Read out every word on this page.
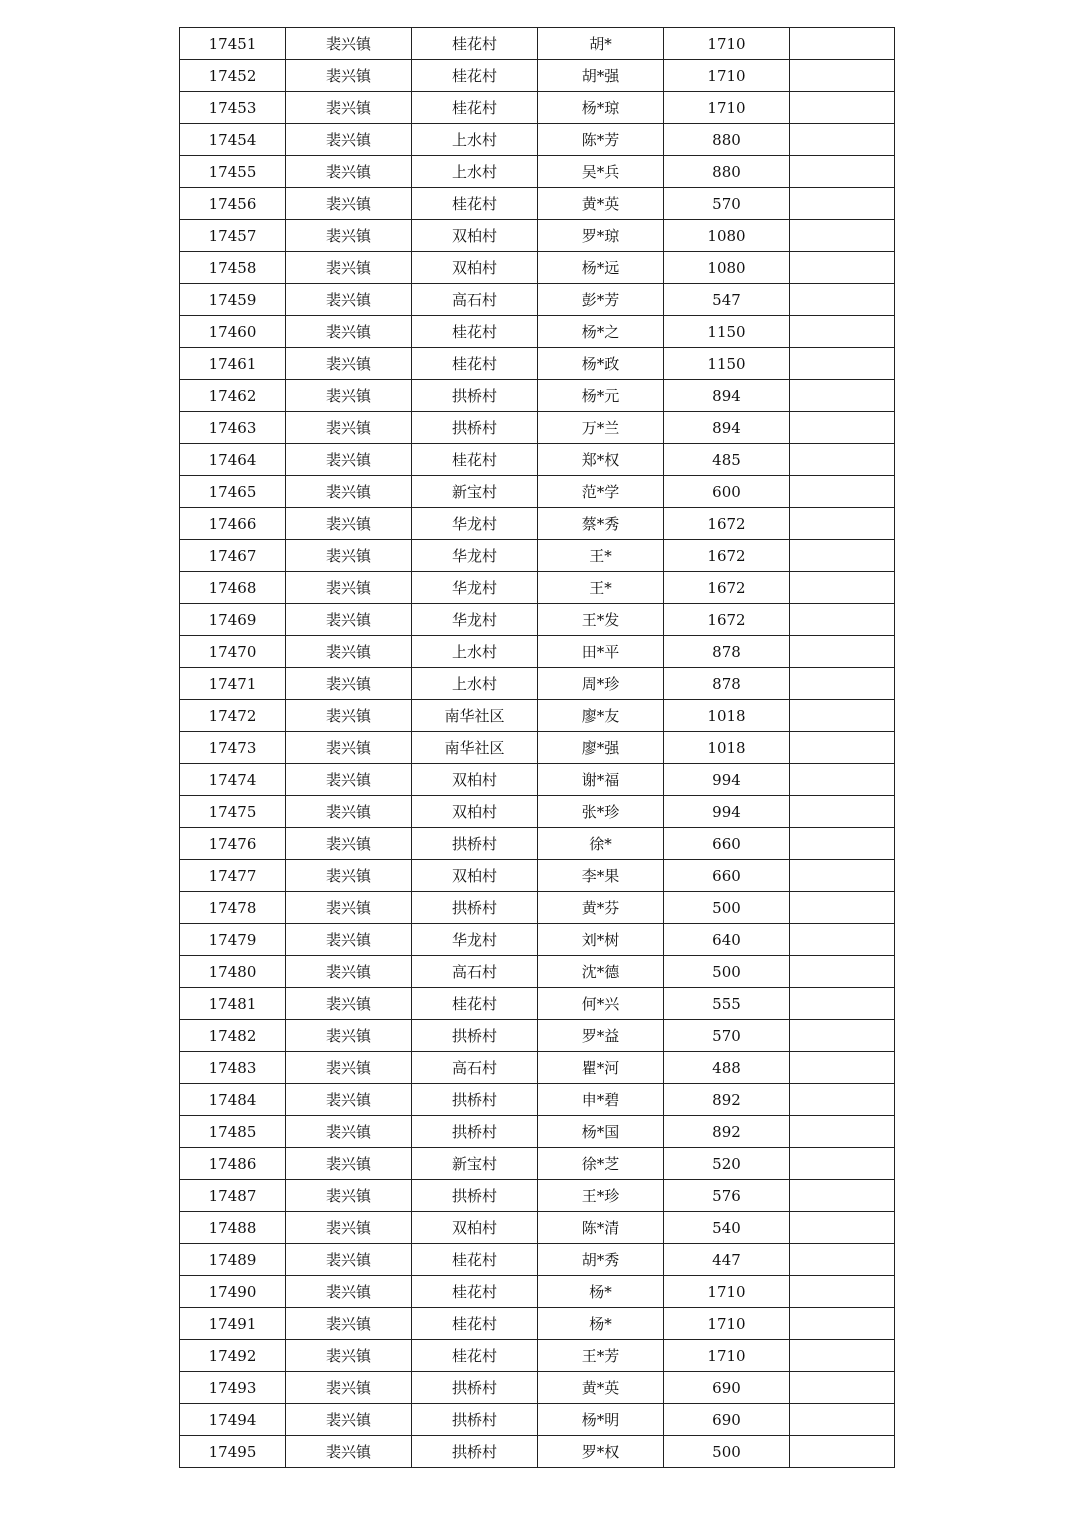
17451	裴兴镇	桂花村	胡*	1710	
17452	裴兴镇	桂花村	胡*强	1710	
17453	裴兴镇	桂花村	杨*琼	1710	
17454	裴兴镇	上水村	陈*芳	880	
17455	裴兴镇	上水村	吴*兵	880	
17456	裴兴镇	桂花村	黄*英	570	
17457	裴兴镇	双柏村	罗*琼	1080	
17458	裴兴镇	双柏村	杨*远	1080	
17459	裴兴镇	高石村	彭*芳	547	
17460	裴兴镇	桂花村	杨*之	1150	
17461	裴兴镇	桂花村	杨*政	1150	
17462	裴兴镇	拱桥村	杨*元	894	
17463	裴兴镇	拱桥村	万*兰	894	
17464	裴兴镇	桂花村	郑*权	485	
17465	裴兴镇	新宝村	范*学	600	
17466	裴兴镇	华龙村	蔡*秀	1672	
17467	裴兴镇	华龙村	王*	1672	
17468	裴兴镇	华龙村	王*	1672	
17469	裴兴镇	华龙村	王*发	1672	
17470	裴兴镇	上水村	田*平	878	
17471	裴兴镇	上水村	周*珍	878	
17472	裴兴镇	南华社区	廖*友	1018	
17473	裴兴镇	南华社区	廖*强	1018	
17474	裴兴镇	双柏村	谢*福	994	
17475	裴兴镇	双柏村	张*珍	994	
17476	裴兴镇	拱桥村	徐*	660	
17477	裴兴镇	双柏村	李*果	660	
17478	裴兴镇	拱桥村	黄*芬	500	
17479	裴兴镇	华龙村	刘*树	640	
17480	裴兴镇	高石村	沈*德	500	
17481	裴兴镇	桂花村	何*兴	555	
17482	裴兴镇	拱桥村	罗*益	570	
17483	裴兴镇	高石村	瞿*河	488	
17484	裴兴镇	拱桥村	申*碧	892	
17485	裴兴镇	拱桥村	杨*国	892	
17486	裴兴镇	新宝村	徐*芝	520	
17487	裴兴镇	拱桥村	王*珍	576	
17488	裴兴镇	双柏村	陈*清	540	
17489	裴兴镇	桂花村	胡*秀	447	
17490	裴兴镇	桂花村	杨*	1710	
17491	裴兴镇	桂花村	杨*	1710	
17492	裴兴镇	桂花村	王*芳	1710	
17493	裴兴镇	拱桥村	黄*英	690	
17494	裴兴镇	拱桥村	杨*明	690	
17495	裴兴镇	拱桥村	罗*权	500	
